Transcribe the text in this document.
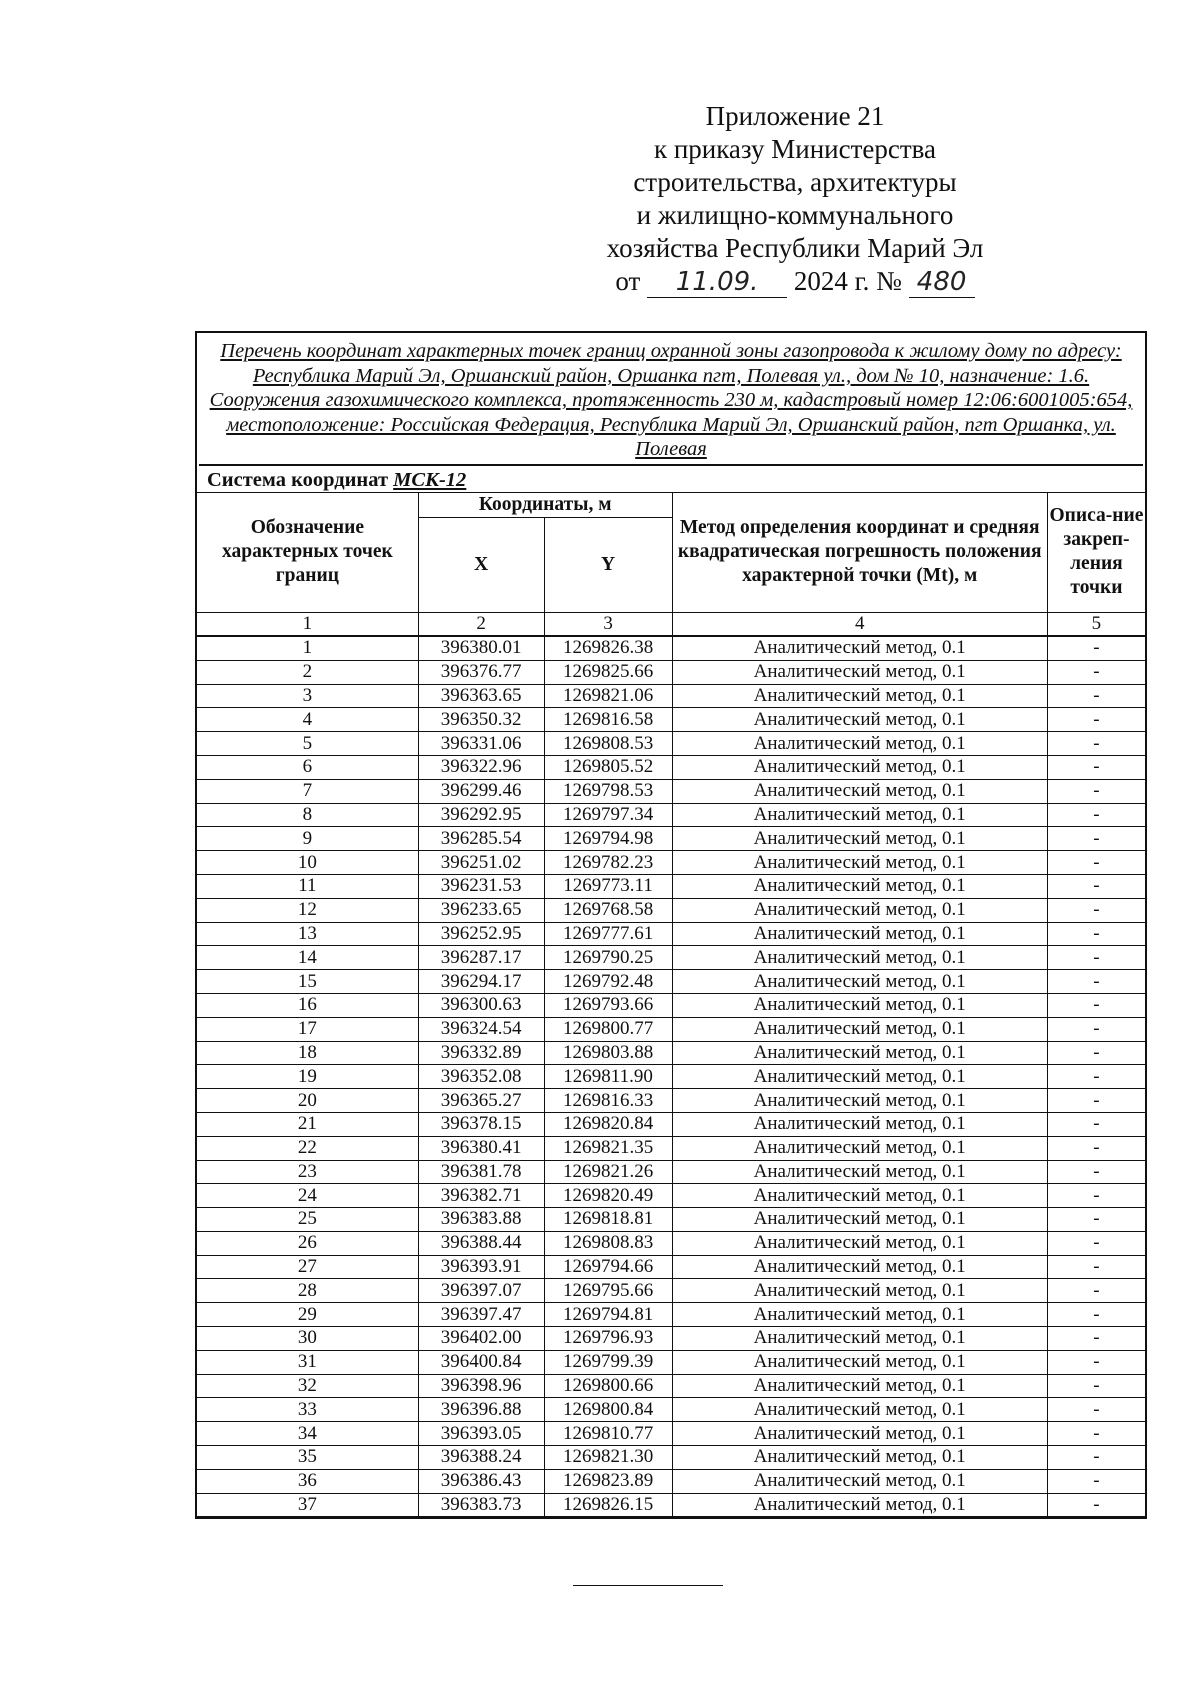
Приложение 21
к приказу Министерства
строительства, архитектуры
и жилищно-коммунального
хозяйства Республики Марий Эл
от 11.09. 2024 г. № 480
Перечень координат характерных точек границ охранной зоны газопровода к жилому дому по адресу: Республика Марий Эл, Оршанский район, Оршанка пгт, Полевая ул., дом № 10, назначение: 1.6. Сооружения газохимического комплекса, протяженность 230 м, кадастровый номер 12:06:6001005:654, местоположение: Российская Федерация, Республика Марий Эл, Оршанский район, пгт Оршанка, ул. Полевая
Система координат МСК-12
Обозначение характерных точек границ	Координаты, м		Метод определения координат и средняя квадратическая погрешность положения характерной точки (Mt), м	Описа-ние закреп-ления точки
	X	Y		
1	2	3	4	5
1	396380.01	1269826.38	Аналитический метод, 0.1	-
2	396376.77	1269825.66	Аналитический метод, 0.1	-
3	396363.65	1269821.06	Аналитический метод, 0.1	-
4	396350.32	1269816.58	Аналитический метод, 0.1	-
5	396331.06	1269808.53	Аналитический метод, 0.1	-
6	396322.96	1269805.52	Аналитический метод, 0.1	-
7	396299.46	1269798.53	Аналитический метод, 0.1	-
8	396292.95	1269797.34	Аналитический метод, 0.1	-
9	396285.54	1269794.98	Аналитический метод, 0.1	-
10	396251.02	1269782.23	Аналитический метод, 0.1	-
11	396231.53	1269773.11	Аналитический метод, 0.1	-
12	396233.65	1269768.58	Аналитический метод, 0.1	-
13	396252.95	1269777.61	Аналитический метод, 0.1	-
14	396287.17	1269790.25	Аналитический метод, 0.1	-
15	396294.17	1269792.48	Аналитический метод, 0.1	-
16	396300.63	1269793.66	Аналитический метод, 0.1	-
17	396324.54	1269800.77	Аналитический метод, 0.1	-
18	396332.89	1269803.88	Аналитический метод, 0.1	-
19	396352.08	1269811.90	Аналитический метод, 0.1	-
20	396365.27	1269816.33	Аналитический метод, 0.1	-
21	396378.15	1269820.84	Аналитический метод, 0.1	-
22	396380.41	1269821.35	Аналитический метод, 0.1	-
23	396381.78	1269821.26	Аналитический метод, 0.1	-
24	396382.71	1269820.49	Аналитический метод, 0.1	-
25	396383.88	1269818.81	Аналитический метод, 0.1	-
26	396388.44	1269808.83	Аналитический метод, 0.1	-
27	396393.91	1269794.66	Аналитический метод, 0.1	-
28	396397.07	1269795.66	Аналитический метод, 0.1	-
29	396397.47	1269794.81	Аналитический метод, 0.1	-
30	396402.00	1269796.93	Аналитический метод, 0.1	-
31	396400.84	1269799.39	Аналитический метод, 0.1	-
32	396398.96	1269800.66	Аналитический метод, 0.1	-
33	396396.88	1269800.84	Аналитический метод, 0.1	-
34	396393.05	1269810.77	Аналитический метод, 0.1	-
35	396388.24	1269821.30	Аналитический метод, 0.1	-
36	396386.43	1269823.89	Аналитический метод, 0.1	-
37	396383.73	1269826.15	Аналитический метод, 0.1	-
